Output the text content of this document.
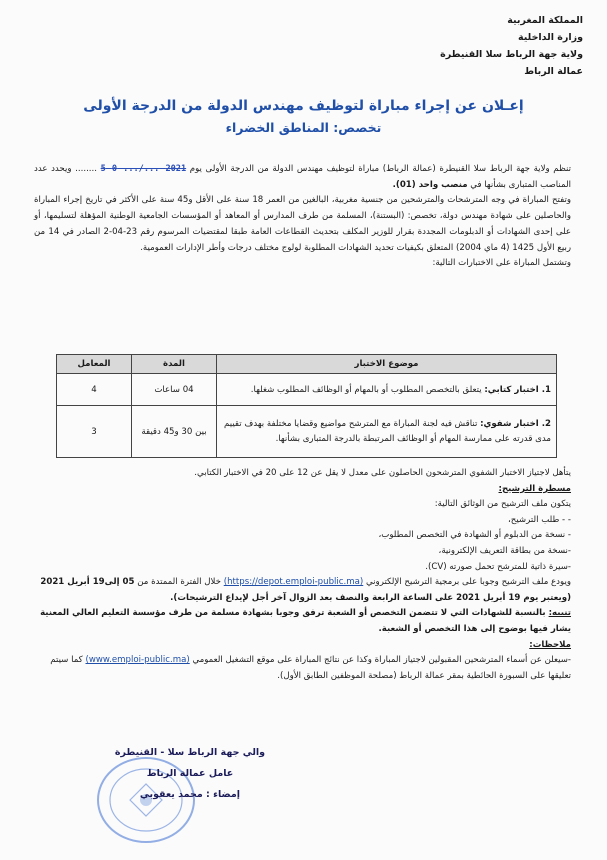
المملكة المغربية
وزارة الداخلية
ولاية جهة الرباط سلا القنيطرة
عمالة الرباط
إعـلان عن إجراء مباراة لتوظيف مهندس الدولة من الدرجة الأولى
تخصص: المناطق الخضراء

تنظم ولاية جهة الرباط سلا القنيطرة (عمالة الرباط) مباراة لتوظيف مهندس الدولة من الدرجة الأولى يوم 2021 .../... 0 5 ........ ويحدد عدد المناصب المتبارى بشأنها في منصب واحد (01).

وتفتح المباراة في وجه المترشحات والمترشحين من جنسية مغربية، البالغين من العمر 18 سنة على الأقل و45 سنة على الأكثر في تاريخ إجراء المباراة والحاصلين على شهادة مهندس دولة، تخصص: (البستنة)، المسلمة من طرف المدارس أو المعاهد أو المؤسسات الجامعية الوطنية المؤهلة لتسليمها، أو على إحدى الشهادات أو الدبلومات المجددة بقرار للوزير المكلف بتحديث القطاعات العامة طبقا لمقتضيات المرسوم رقم 23-04-2 الصادر في 14 من ربيع الأول 1425 (4 ماي 2004) المتعلق بكيفيات تحديد الشهادات المطلوبة لولوج مختلف درجات وأطر الإدارات العمومية.

وتشتمل المباراة على الاختبارات التالية:

موضوع الاختبار	المدة	المعامل
1. اختبار كتابي: يتعلق بالتخصص المطلوب أو بالمهام أو الوظائف المطلوب شغلها.	04 ساعات	4
2. اختبار شفوي: تناقش فيه لجنة المباراة مع المترشح مواضيع وقضايا مختلفة بهدف تقييم مدى قدرته على ممارسة المهام أو الوظائف المرتبطة بالدرجة المتبارى بشأنها.	بين 30 و45 دقيقة	3

يتأهل لاجتياز الاختبار الشفوي المترشحون الحاصلون على معدل لا يقل عن 12 على 20 في الاختبار الكتابي.

مسطرة الترشيح:

يتكون ملف الترشيح من الوثائق التالية:

- - طلب الترشيح،

- نسخة من الدبلوم أو الشهادة في التخصص المطلوب،

-نسخة من بطاقة التعريف الإلكترونية،

-سيرة ذاتية للمترشح تحمل صورته (CV).

ويودع ملف الترشيح وجوبا على برمجية الترشيح الإلكتروني (https://depot.emploi-public.ma) خلال الفترة الممتدة من 05 إلى19 أبريل 2021 (ويعتبر يوم 19 أبريل 2021 على الساعة الرابعة والنصف بعد الزوال آخر أجل لإيداع الترشيحات).

تنبيه: بالنسبة للشهادات التي لا تتضمن التخصص أو الشعبة ترفق وجوبا بشهادة مسلمة من طرف مؤسسة التعليم العالي المعنية يشار فيها بوضوح إلى هذا التخصص أو الشعبة.

ملاحظات:

-سيعلن عن أسماء المترشحين المقبولين لاجتياز المباراة وكذا عن نتائج المباراة على موقع التشغيل العمومي (www.emploi-public.ma) كما سيتم تعليقها على السبورة الحائطية بمقر عمالة الرباط (مصلحة الموظفين الطابق الأول).

والي جهة الرباط سلا - القنيطرة
عامل عمالة الرباط
إمضاء : محمد يعقوبي
